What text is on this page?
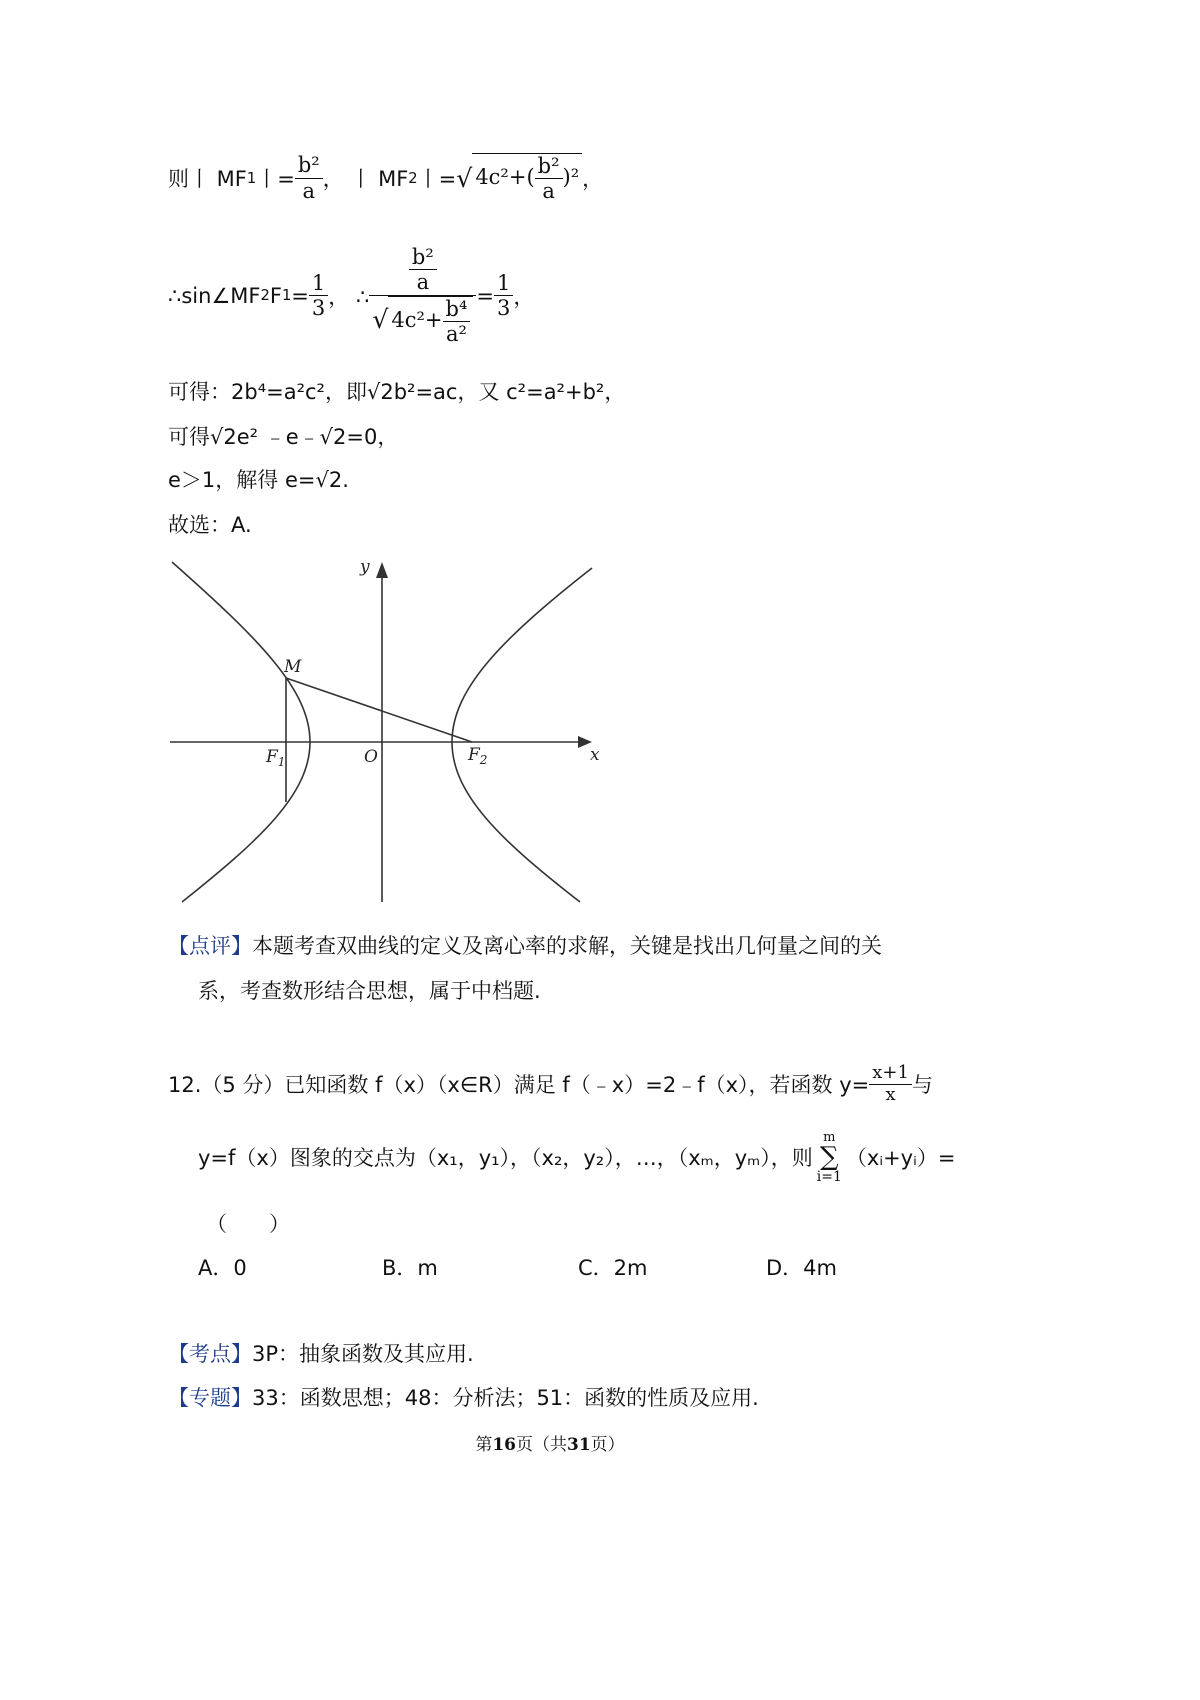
则丨 MF 1 丨= $\frac{\text{b²}}{a}$ ， 丨 MF 2 丨= √ $4c^2+( \frac{\text{b²}}{a} )^2$ ，
∴sin∠MF 2 F $1 = \frac{1}{3}$ ， ∴ $\frac{\frac{\text{b²}}{a}}{√ 4c^2+ \frac{\text{b⁴}}{\text{a²}}} = \frac{1}{3}$ ，
可得：2b⁴=a²c²，即√2b²=ac，又 c²=a²+b²，
可得√2e² ﹣e﹣√2=0，
e＞1，解得 e=√2.
故选：A.
y
x
M
$F_1$	O	$F_2$
【点评】本题考查双曲线的定义及离心率的求解，关键是找出几何量之间的关
系，考查数形结合思想，属于中档题.
12.（5 分）已知函数 f（x）（x∈R）满足 f（﹣x）=2﹣f（x），若函数 $y= \frac{x+1}{x}$ 与
y=f（x）图象的交点为（x₁，y₁），（x₂，y₂），…，（xₘ，yₘ），则
m
∑
i=1
（xᵢ+yᵢ）=
（　　）
A．0	B．m	C．2m	D．4m
【考点】3P：抽象函数及其应用.
【专题】33：函数思想；48：分析法；51：函数的性质及应用.
第16页（共31页）
